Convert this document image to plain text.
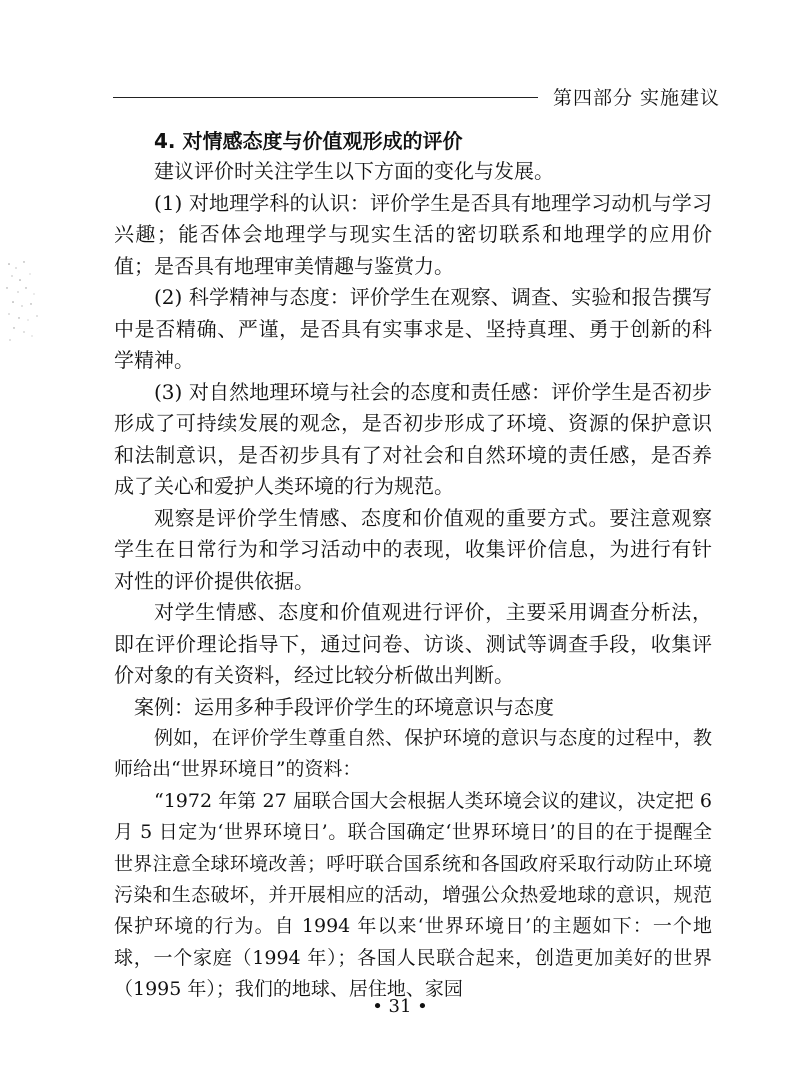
第四部分 实施建议
4. 对情感态度与价值观形成的评价
建议评价时关注学生以下方面的变化与发展。
(1) 对地理学科的认识：评价学生是否具有地理学习动机与学习兴趣；能否体会地理学与现实生活的密切联系和地理学的应用价值；是否具有地理审美情趣与鉴赏力。
(2) 科学精神与态度：评价学生在观察、调查、实验和报告撰写中是否精确、严谨，是否具有实事求是、坚持真理、勇于创新的科学精神。
(3) 对自然地理环境与社会的态度和责任感：评价学生是否初步形成了可持续发展的观念，是否初步形成了环境、资源的保护意识和法制意识，是否初步具有了对社会和自然环境的责任感，是否养成了关心和爱护人类环境的行为规范。
观察是评价学生情感、态度和价值观的重要方式。要注意观察学生在日常行为和学习活动中的表现，收集评价信息，为进行有针对性的评价提供依据。
对学生情感、态度和价值观进行评价，主要采用调查分析法，即在评价理论指导下，通过问卷、访谈、测试等调查手段，收集评价对象的有关资料，经过比较分析做出判断。
案例：运用多种手段评价学生的环境意识与态度
例如，在评价学生尊重自然、保护环境的意识与态度的过程中，教师给出“世界环境日”的资料：
“1972 年第 27 届联合国大会根据人类环境会议的建议，决定把 6 月 5 日定为‘世界环境日’。联合国确定‘世界环境日’的目的在于提醒全世界注意全球环境改善；呼吁联合国系统和各国政府采取行动防止环境污染和生态破坏，并开展相应的活动，增强公众热爱地球的意识，规范保护环境的行为。自 1994 年以来‘世界环境日’的主题如下：一个地球，一个家庭（1994 年）；各国人民联合起来，创造更加美好的世界（1995 年）；我们的地球、居住地、家园
• 31 •
